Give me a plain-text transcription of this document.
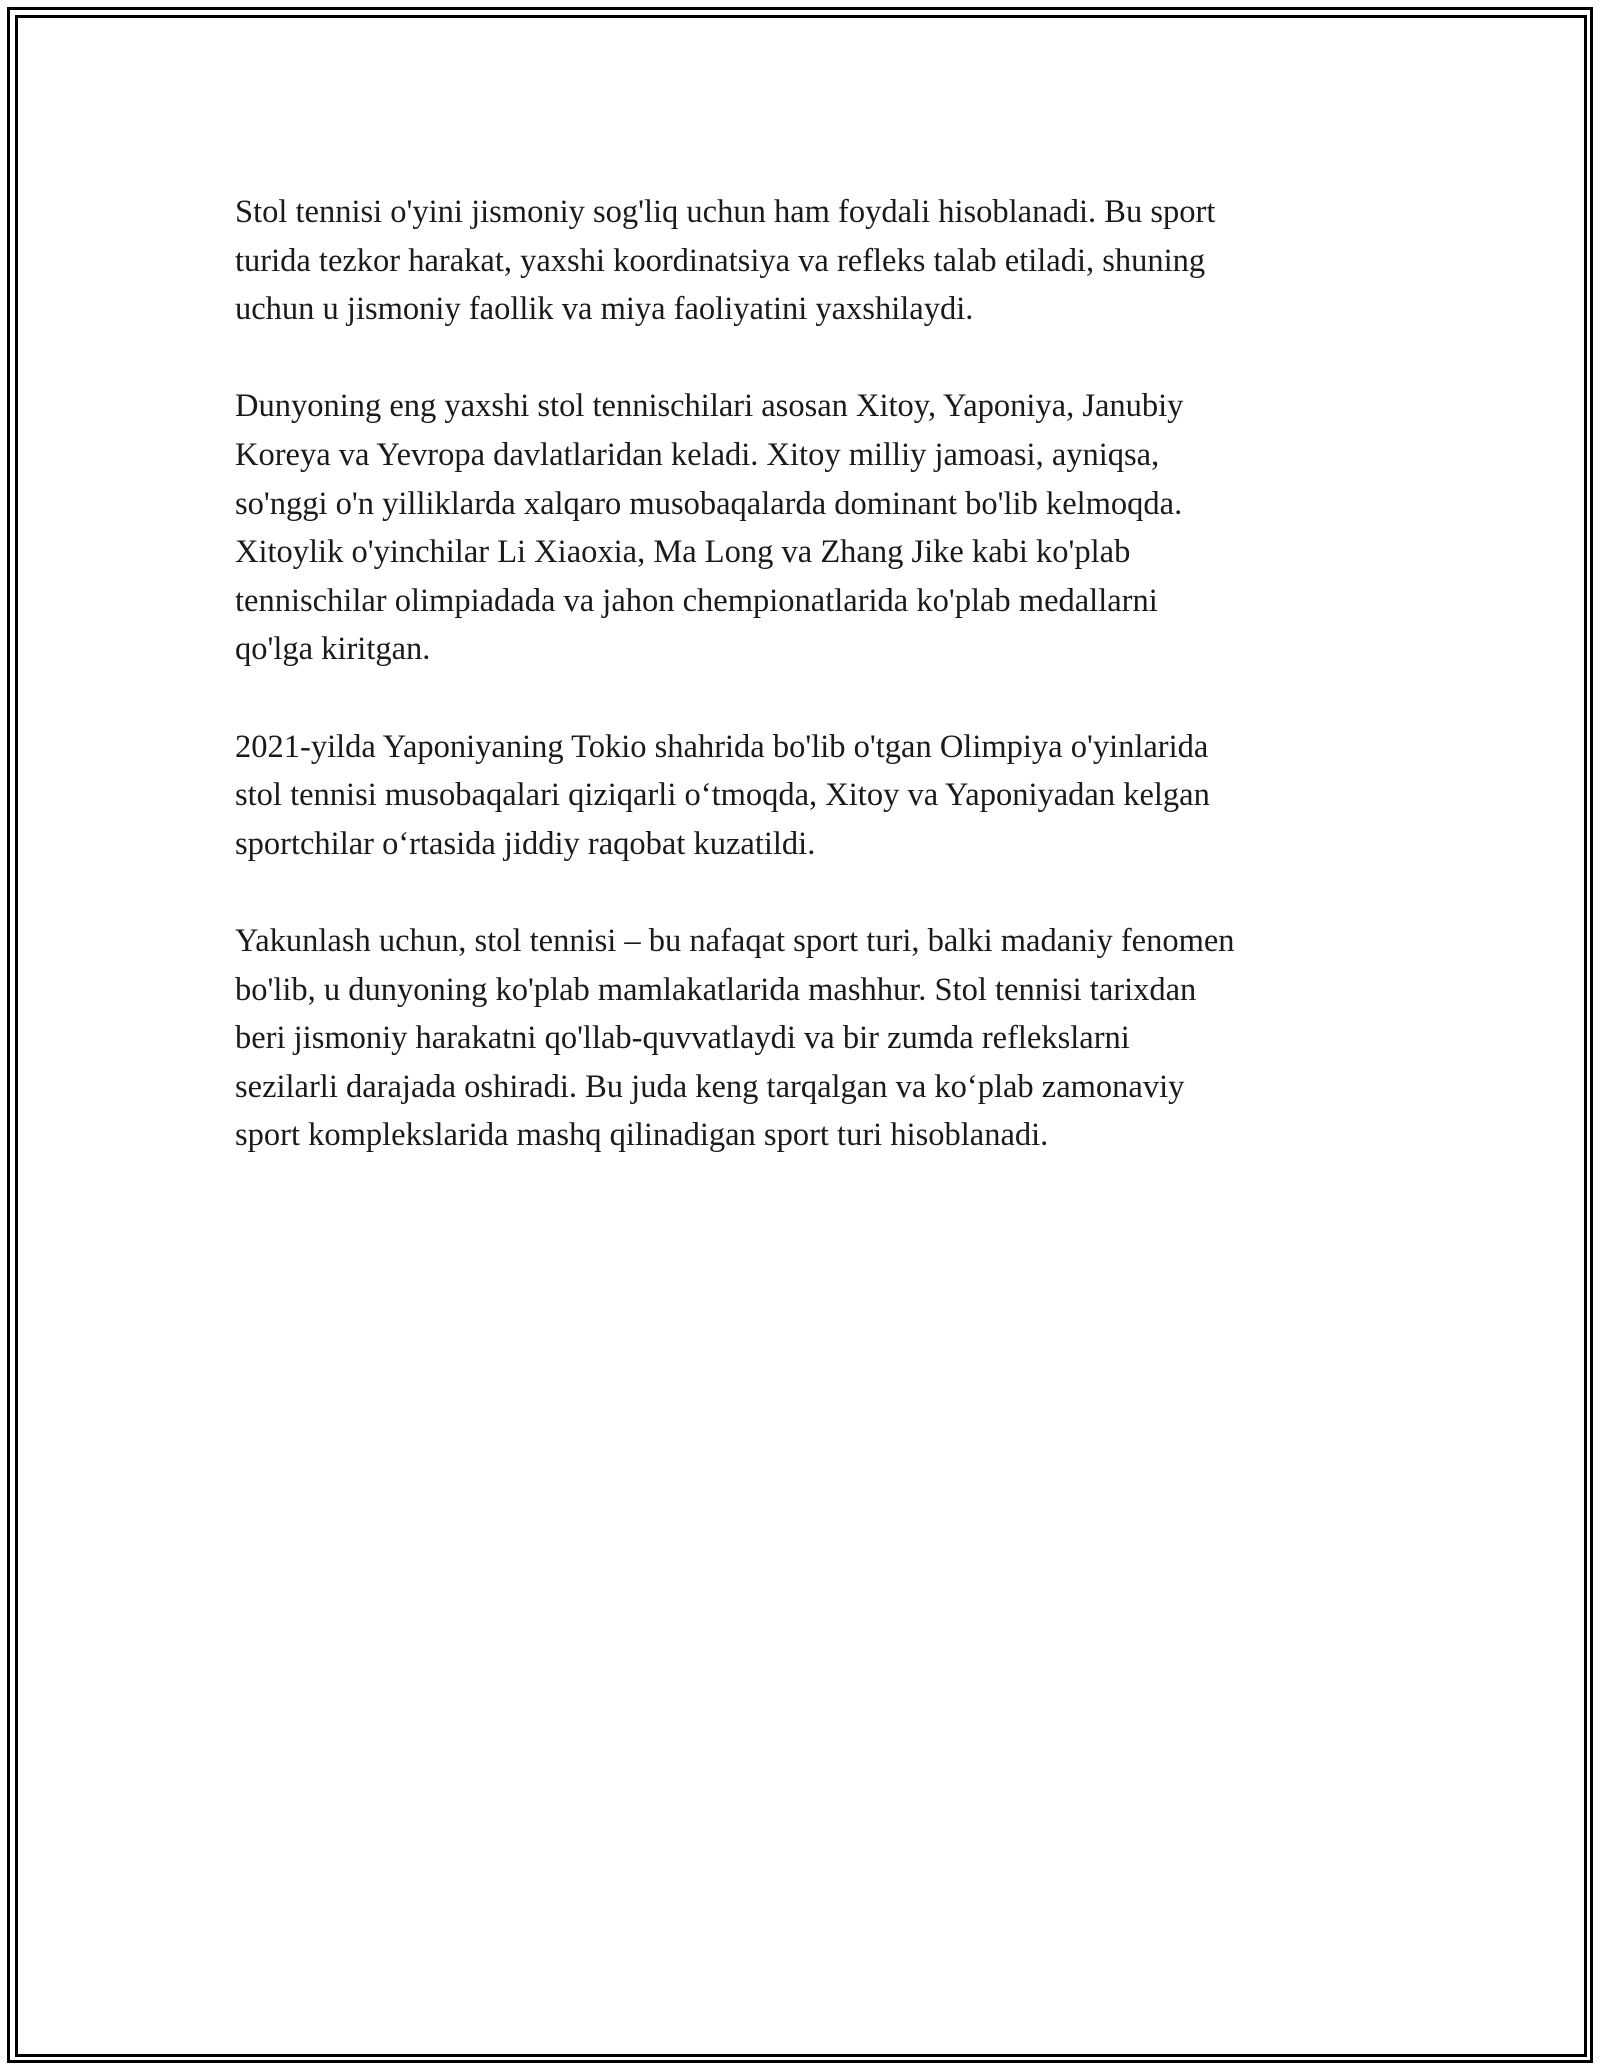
Stol tennisi o'yini jismoniy sog'liq uchun ham foydali hisoblanadi. Bu sport
turida tezkor harakat, yaxshi koordinatsiya va refleks talab etiladi, shuning
uchun u jismoniy faollik va miya faoliyatini yaxshilaydi.

Dunyoning eng yaxshi stol tennischilari asosan Xitoy, Yaponiya, Janubiy
Koreya va Yevropa davlatlaridan keladi. Xitoy milliy jamoasi, ayniqsa,
so'nggi o'n yilliklarda xalqaro musobaqalarda dominant bo'lib kelmoqda.
Xitoylik o'yinchilar Li Xiaoxia, Ma Long va Zhang Jike kabi ko'plab
tennischilar olimpiadada va jahon chempionatlarida ko'plab medallarni
qo'lga kiritgan.

2021-yilda Yaponiyaning Tokio shahrida bo'lib o'tgan Olimpiya o'yinlarida
stol tennisi musobaqalari qiziqarli oʻtmoqda, Xitoy va Yaponiyadan kelgan
sportchilar oʻrtasida jiddiy raqobat kuzatildi.

Yakunlash uchun, stol tennisi – bu nafaqat sport turi, balki madaniy fenomen
bo'lib, u dunyoning ko'plab mamlakatlarida mashhur. Stol tennisi tarixdan
beri jismoniy harakatni qo'llab-quvvatlaydi va bir zumda reflekslarni
sezilarli darajada oshiradi. Bu juda keng tarqalgan va koʻplab zamonaviy
sport komplekslarida mashq qilinadigan sport turi hisoblanadi.
